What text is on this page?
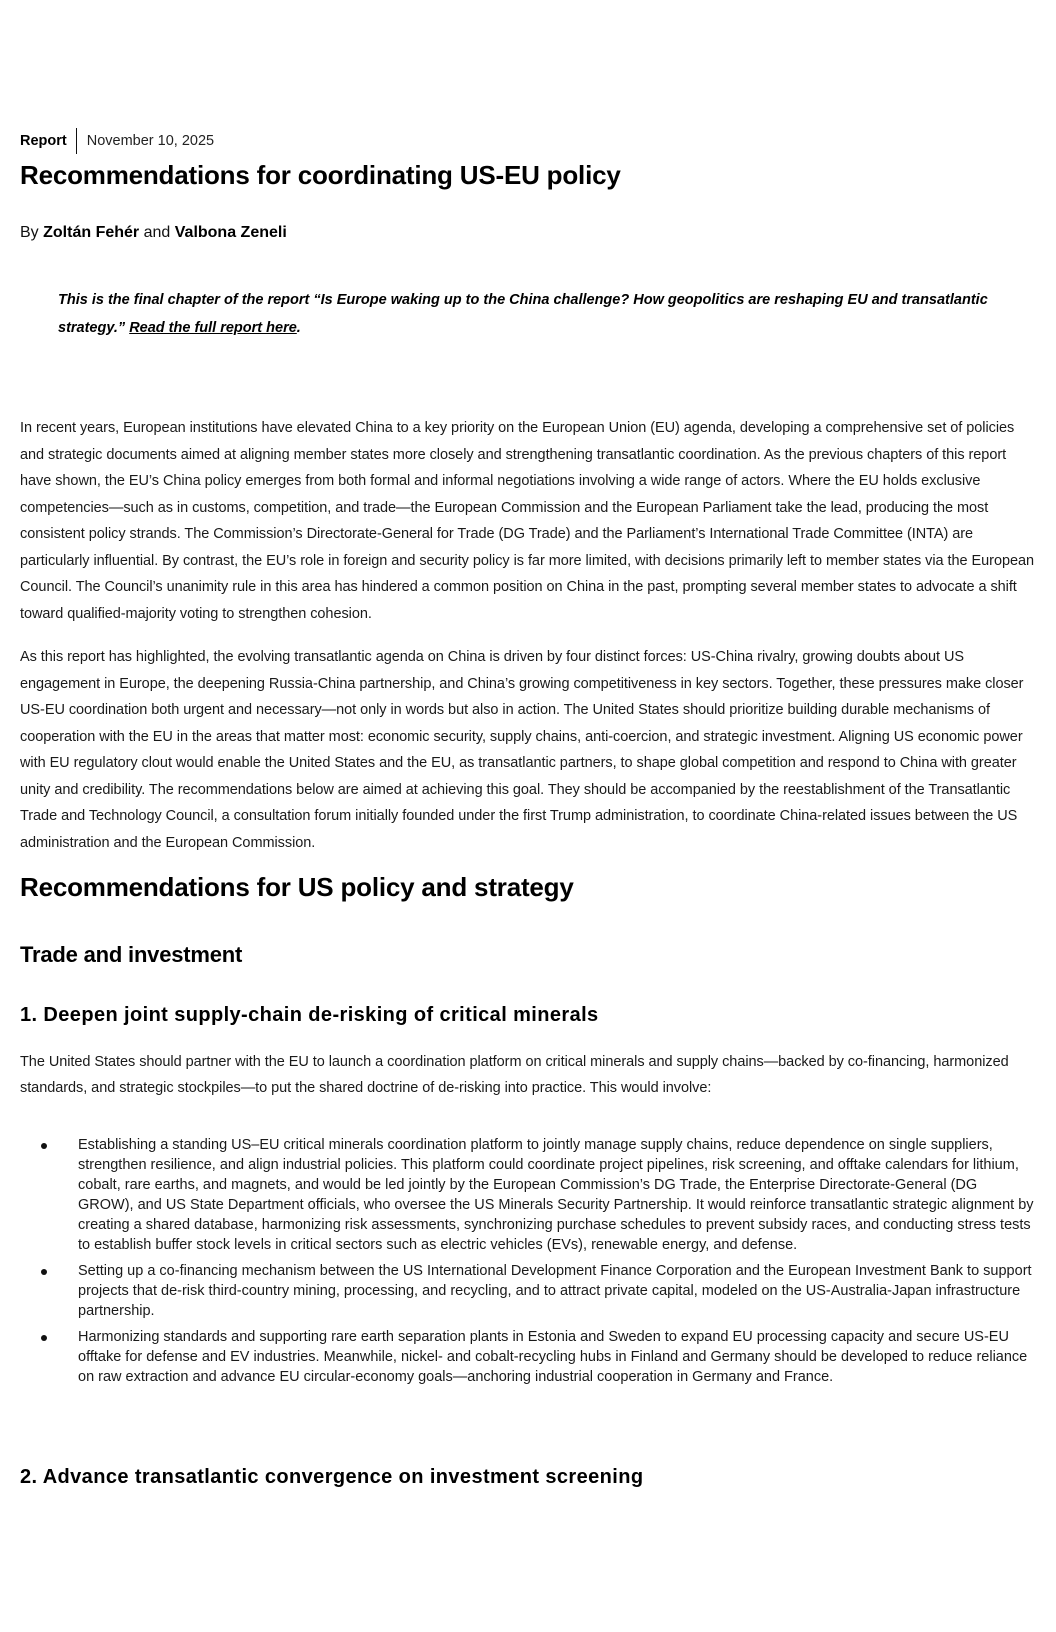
Report	November 10, 2025
Recommendations for coordinating US-EU policy
By Zoltán Fehér and Valbona Zeneli
This is the final chapter of the report “Is Europe waking up to the China challenge? How geopolitics are reshaping EU and transatlantic strategy.” Read the full report here.

In recent years, European institutions have elevated China to a key priority on the European Union (EU) agenda, developing a comprehensive set of policies and strategic documents aimed at aligning member states more closely and strengthening transatlantic coordination. As the previous chapters of this report have shown, the EU’s China policy emerges from both formal and informal negotiations involving a wide range of actors. Where the EU holds exclusive competencies—such as in customs, competition, and trade—the European Commission and the European Parliament take the lead, producing the most consistent policy strands. The Commission’s Directorate-General for Trade (DG Trade) and the Parliament’s International Trade Committee (INTA) are particularly influential. By contrast, the EU’s role in foreign and security policy is far more limited, with decisions primarily left to member states via the European Council. The Council’s unanimity rule in this area has hindered a common position on China in the past, prompting several member states to advocate a shift toward qualified-majority voting to strengthen cohesion.

As this report has highlighted, the evolving transatlantic agenda on China is driven by four distinct forces: US-China rivalry, growing doubts about US engagement in Europe, the deepening Russia-China partnership, and China’s growing competitiveness in key sectors. Together, these pressures make closer US-EU coordination both urgent and necessary—not only in words but also in action. The United States should prioritize building durable mechanisms of cooperation with the EU in the areas that matter most: economic security, supply chains, anti-coercion, and strategic investment. Aligning US economic power with EU regulatory clout would enable the United States and the EU, as transatlantic partners, to shape global competition and respond to China with greater unity and credibility. The recommendations below are aimed at achieving this goal. They should be accompanied by the reestablishment of the Transatlantic Trade and Technology Council, a consultation forum initially founded under the first Trump administration, to coordinate China-related issues between the US administration and the European Commission.

Recommendations for US policy and strategy
Trade and investment
1. Deepen joint supply-chain de-risking of critical minerals

The United States should partner with the EU to launch a coordination platform on critical minerals and supply chains—backed by co-financing, harmonized standards, and strategic stockpiles—to put the shared doctrine of de-risking into practice. This would involve:

Establishing a standing US–EU critical minerals coordination platform to jointly manage supply chains, reduce dependence on single suppliers, strengthen resilience, and align industrial policies. This platform could coordinate project pipelines, risk screening, and offtake calendars for lithium, cobalt, rare earths, and magnets, and would be led jointly by the European Commission’s DG Trade, the Enterprise Directorate-General (DG GROW), and US State Department officials, who oversee the US Minerals Security Partnership. It would reinforce transatlantic strategic alignment by creating a shared database, harmonizing risk assessments, synchronizing purchase schedules to prevent subsidy races, and conducting stress tests to establish buffer stock levels in critical sectors such as electric vehicles (EVs), renewable energy, and defense.
Setting up a co-financing mechanism between the US International Development Finance Corporation and the European Investment Bank to support projects that de-risk third-country mining, processing, and recycling, and to attract private capital, modeled on the US-Australia-Japan infrastructure partnership.
Harmonizing standards and supporting rare earth separation plants in Estonia and Sweden to expand EU processing capacity and secure US-EU offtake for defense and EV industries. Meanwhile, nickel- and cobalt-recycling hubs in Finland and Germany should be developed to reduce reliance on raw extraction and advance EU circular-economy goals—anchoring industrial cooperation in Germany and France.
2. Advance transatlantic convergence on investment screening
